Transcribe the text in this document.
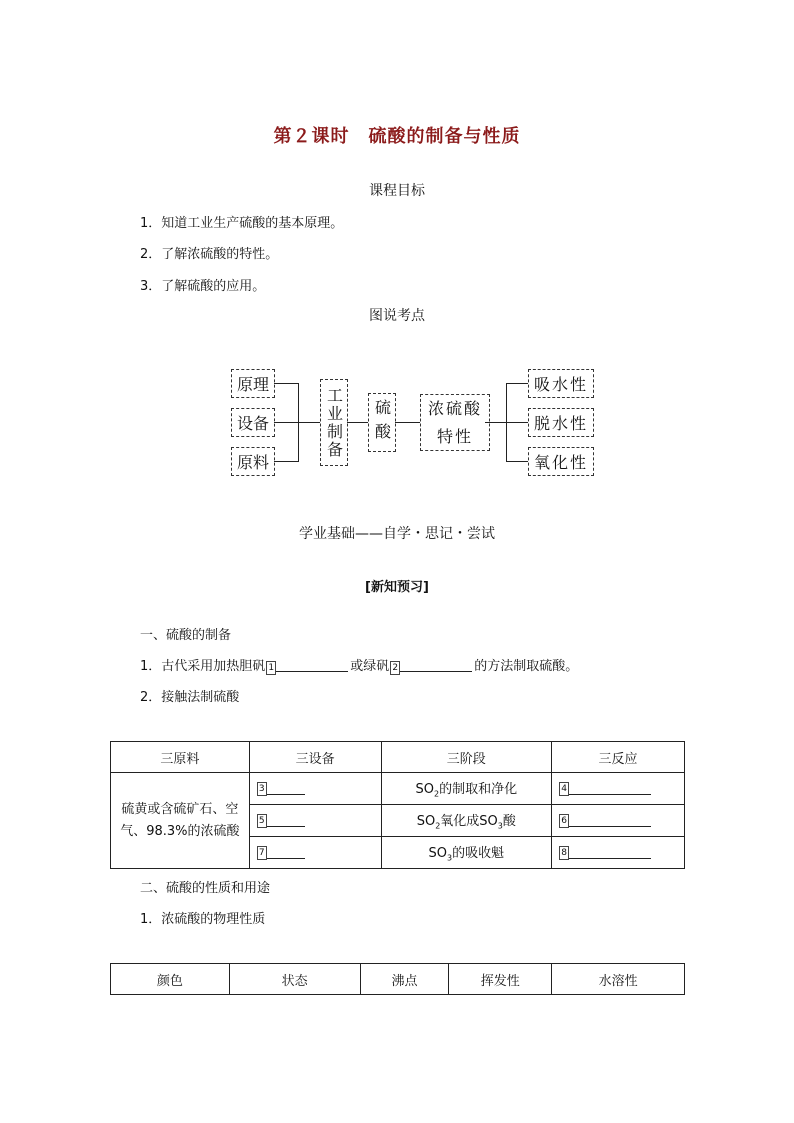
第２课时　硫酸的制备与性质
课程目标
1．知道工业生产硫酸的基本原理。
2．了解浓硫酸的特性。
3．了解硫酸的应用。
图说考点
原理
设备
原料
工业制备 硫酸	浓硫酸特性
吸水性
脱水性
氧化性
学业基础——自学・思记・尝试
[新知预习]
一、硫酸的制备
1．古代采用加热胆矾 1	或绿矾 2	的方法制取硫酸。
2．接触法制硫酸
三原料	三设备	三阶段	三反应
硫黄或含硫矿石、空气、98.3%的浓硫酸	3	$SO_2$的制取和净化	4

	5	$SO_2$氧化成$SO_3$酸	6

	7	$SO_3$的吸收魁	8
二、硫酸的性质和用途
1．浓硫酸的物理性质
颜色	状态	沸点	挥发性	水溶性
